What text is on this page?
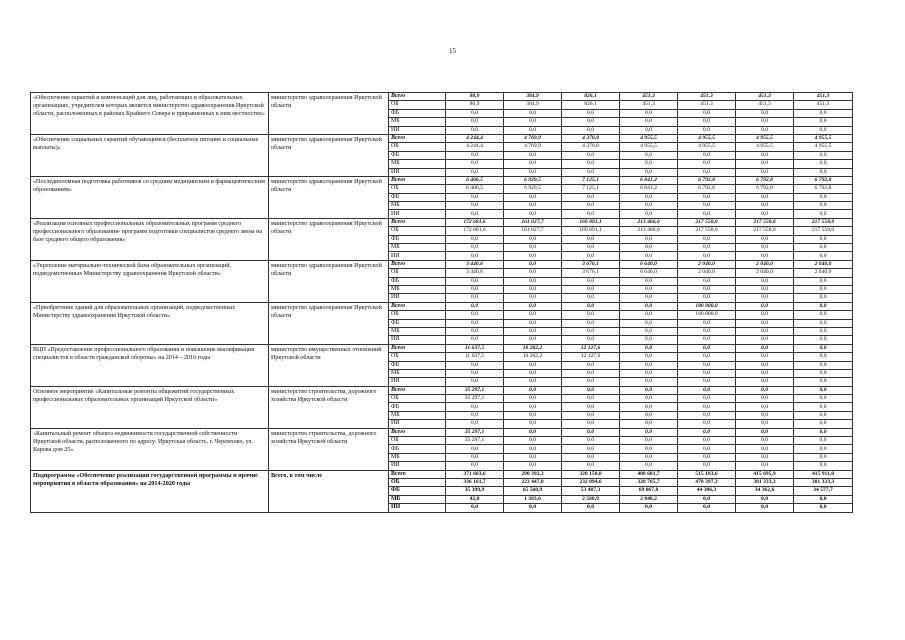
15
«Обеспечение гарантий и компенсаций для лиц, работающих в образовательных организациях, учредителем которых является министерство здравоохранения Иркутской области, расположенных в районах Крайнего Севера и приравненных к ним местностях»	министерство здравоохранения Иркутской области	Всего	80,9	384,9	826,1	451,3	451,3	451,3	451,3
		ОБ	80,9	384,9	826,1	451,3	451,3	451,3	451,3
		ФБ	0,0	0,0	0,0	0,0	0,0	0,0	0,0
		МБ	0,0	0,0	0,0	0,0	0,0	0,0	0,0
		ИИ	0,0	0,0	0,0	0,0	0,0	0,0	0,0
«Обеспечение социальных гарантий обучающимся (бесплатное питание и социальные выплаты)»	министерство здравоохранения Иркутской области	Всего	4 244,4	4 769,9	4 370,8	4 955,5	4 955,5	4 955,5	4 955,5
		ОБ	4 244,4	4 769,9	4 370,8	4 955,5	4 955,5	4 955,5	4 955,5
		ФБ	0,0	0,0	0,0	0,0	0,0	0,0	0,0
		МБ	0,0	0,0	0,0	0,0	0,0	0,0	0,0
		ИИ	0,0	0,0	0,0	0,0	0,0	0,0	0,0
«Последипломная подготовка работников со средним медицинским и фармацевтическим образованием»	министерство здравоохранения Иркутской области	Всего	6 406,5	6 929,5	7 125,1	6 841,2	6 792,8	6 792,8	6 792,8
		ОБ	6 406,5	6 929,5	7 125,1	6 841,2	6 792,8	6 792,8	6 792,8
		ФБ	0,0	0,0	0,0	0,0	0,0	0,0	0,0
		МБ	0,0	0,0	0,0	0,0	0,0	0,0	0,0
		ИИ	0,0	0,0	0,0	0,0	0,0	0,0	0,0
«Реализация основных профессиональных образовательных программ среднего профессионального образования- программ подготовки специалистов среднего звена на базе среднего общего образования»	министерство здравоохранения Иркутской области	Всего	172 681,6	161 027,7	169 891,1	213 466,0	217 558,0	217 558,0	217 558,0
		ОБ	172 681,6	161 027,7	169 891,1	213 466,0	217 558,0	217 558,0	217 558,0
		ФБ	0,0	0,0	0,0	0,0	0,0	0,0	0,0
		МБ	0,0	0,0	0,0	0,0	0,0	0,0	0,0
		ИИ	0,0	0,0	0,0	0,0	0,0	0,0	0,0
«Укрепление материально-технической базы образовательных организаций, подведомственных Министерству здравоохранения Иркутской области»	министерство здравоохранения Иркутской области	Всего	3 440,6	0,0	3 676,1	6 640,0	2 040,0	2 040,0	2 040,0
		ОБ	3 440,6	0,0	3 676,1	6 640,0	2 040,0	2 040,0	2 040,0
		ФБ	0,0	0,0	0,0	0,0	0,0	0,0	0,0
		МБ	0,0	0,0	0,0	0,0	0,0	0,0	0,0
		ИИ	0,0	0,0	0,0	0,0	0,0	0,0	0,0
«Приобретение зданий для образовательных организаций, подведомственных Министерству здравоохранения Иркутской области»	министерство здравоохранения Иркутской области	Всего	0,0	0,0	0,0	0,0	180 000,0	0,0	0,0
		ОБ	0,0	0,0	0,0	0,0	180 000,0	0,0	0,0
		ФБ	0,0	0,0	0,0	0,0	0,0	0,0	0,0
		МБ	0,0	0,0	0,0	0,0	0,0	0,0	0,0
		ИИ	0,0	0,0	0,0	0,0	0,0	0,0	0,0
ВЦП «Предоставление профессионального образования и повышение квалификации специалистов в области гражданской обороны» на 2014 – 2016 годы	министерство имущественных отношений Иркутской области	Всего	11 637,5	10 202,2	12 127,6	0,0	0,0	0,0	0,0
		ОБ	11 637,5	10 202,2	12 127,6	0,0	0,0	0,0	0,0
		ФБ	0,0	0,0	0,0	0,0	0,0	0,0	0,0
		МБ	0,0	0,0	0,0	0,0	0,0	0,0	0,0
		ИИ	0,0	0,0	0,0	0,0	0,0	0,0	0,0
Основное мероприятие «Капитальные ремонты общежитий государственных профессиональных образовательных организаций Иркутской области»	министерство строительства, дорожного хозяйства Иркутской области	Всего	35 297,1	0,0	0,0	0,0	0,0	0,0	0,0
		ОБ	35 297,1	0,0	0,0	0,0	0,0	0,0	0,0
		ФБ	0,0	0,0	0,0	0,0	0,0	0,0	0,0
		МБ	0,0	0,0	0,0	0,0	0,0	0,0	0,0
		ИИ	0,0	0,0	0,0	0,0	0,0	0,0	0,0
«Капитальный ремонт объекта недвижимости государственной собственности Иркутской области, расположенного по адресу: Иркутская область, г. Черемхово, ул. Карова дом 25»	министерство строительства, дорожного хозяйства Иркутской области	Всего	35 297,1	0,0	0,0	0,0	0,0	0,0	0,0
		ОБ	35 297,1	0,0	0,0	0,0	0,0	0,0	0,0
		ФБ	0,0	0,0	0,0	0,0	0,0	0,0	0,0
		МБ	0,0	0,0	0,0	0,0	0,0	0,0	0,0
		ИИ	0,0	0,0	0,0	0,0	0,0	0,0	0,0
Подпрограмма «Обеспечение реализации государственной программы и прочие мероприятия в области образования» на 2014-2020 годы	Всего, в том числе	Всего	371 603,6	290 392,3	328 150,8	400 681,7	515 183,6	415 695,9	415 911,0
		ОБ	336 161,7	223 447,8	232 094,6	328 765,7	470 397,3	381 333,3	381 333,3
		ФБ	35 399,9	65 560,9	53 487,3	69 067,8	44 386,3	34 362,6	34 577,7
		МБ	42,0	1 383,6	2 568,9	2 848,2	0,0	0,0	0,0
		ИИ	0,0	0,0	0,0	0,0	0,0	0,0	0,0
